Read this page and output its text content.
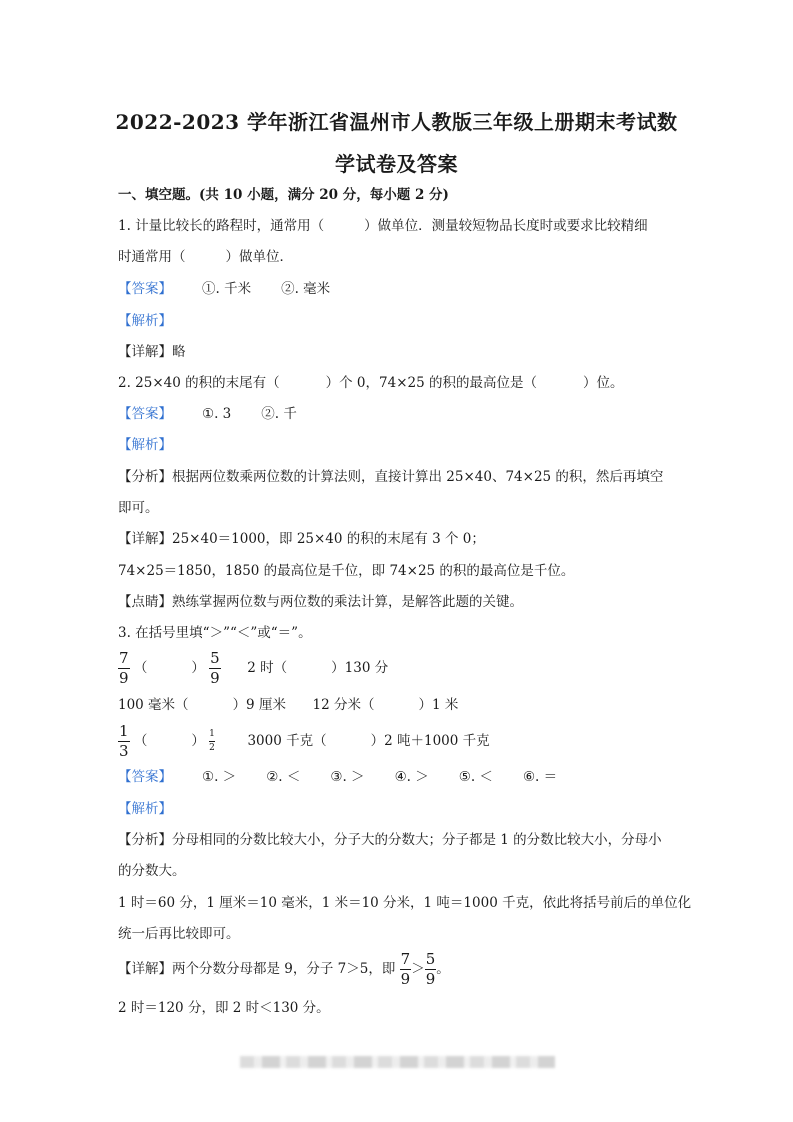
2022-2023 学年浙江省温州市人教版三年级上册期末考试数
学试卷及答案
一、填空题。(共 10 小题，满分 20 分，每小题 2 分)
1. 计量比较长的路程时，通常用（	）做单位．测量较短物品长度时或要求比较精细
时通常用（	）做单位．
【答案】 ①. 千米 ②. 毫米
【解析】
【详解】略
2. 25×40 的积的末尾有（	）个 0，74×25 的积的最高位是（	）位。
【答案】 ①. 3 ②. 千
【解析】
【分析】根据两位数乘两位数的计算法则，直接计算出 25×40、74×25 的积，然后再填空
即可。
【详解】25×40＝1000，即 25×40 的积的末尾有 3 个 0；
74×25＝1850，1850 的最高位是千位，即 74×25 的积的最高位是千位。
【点睛】熟练掌握两位数与两位数的乘法计算，是解答此题的关键。
3. 在括号里填“＞”“＜”或“＝”。
$\frac{7}{9}$ （	） $\frac{5}{9} 2$ 时（	）130 分
100 毫米（	）9 厘米 12 分米（	）1 米
$\frac{1}{3}$ （	） $\frac{1}{2} 3000$ 千克（	）2 吨＋1000 千克
【答案】 ①. ＞ ②. ＜ ③. ＞ ④. ＞ ⑤. ＜ ⑥. ＝
【解析】
【分析】分母相同的分数比较大小，分子大的分数大；分子都是 1 的分数比较大小，分母小
的分数大。
1 时＝60 分，1 厘米＝10 毫米，1 米＝10 分米，1 吨＝1000 千克，依此将括号前后的单位化
统一后再比较即可。
【详解】两个分数分母都是 9，分子 7＞5，即 $\frac{7}{9} > \frac{5}{9}$ 。
2 时＝120 分，即 2 时＜130 分。
